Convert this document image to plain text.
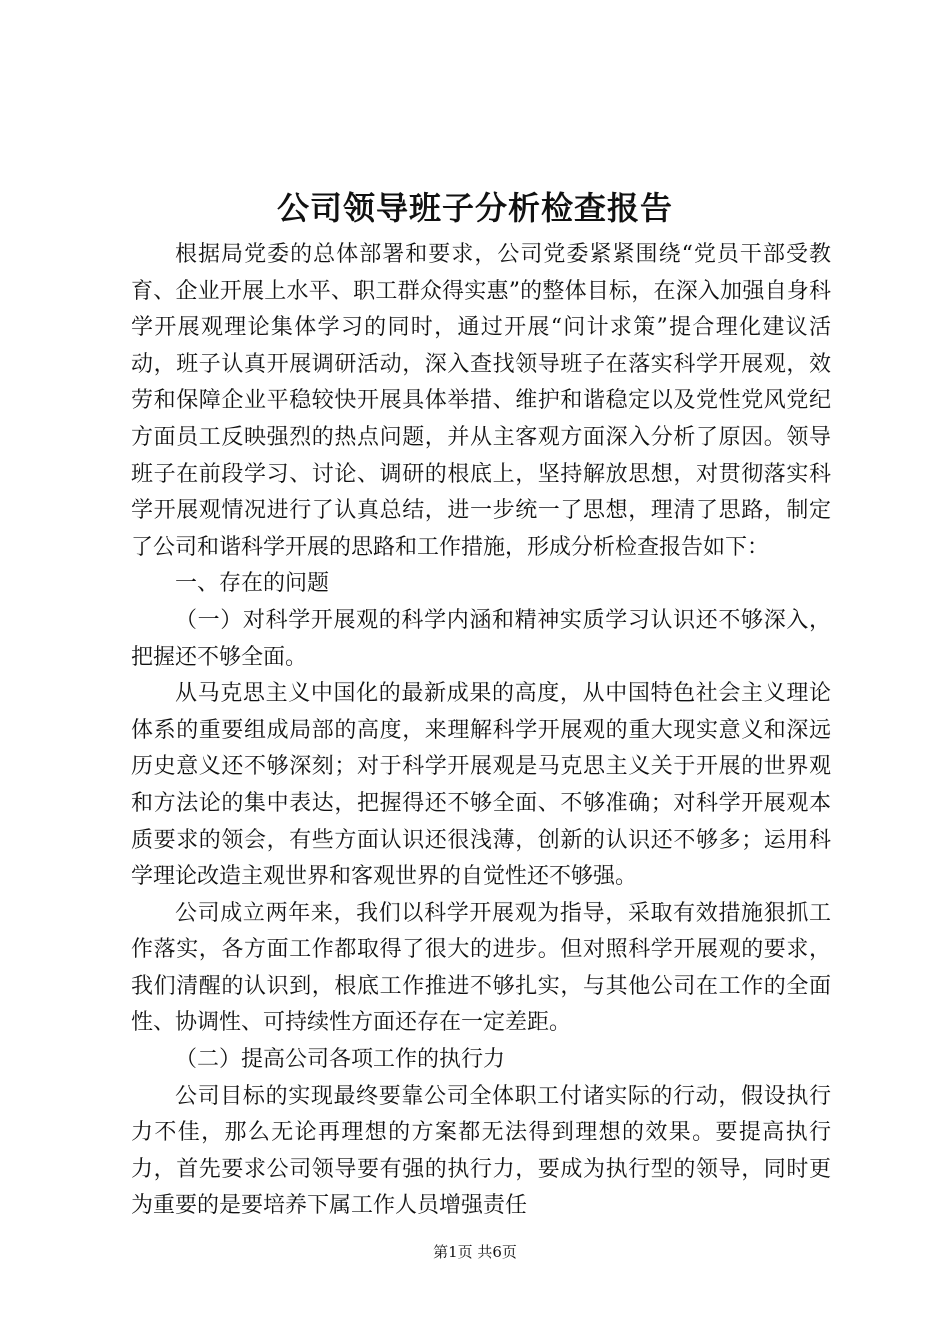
公司领导班子分析检查报告

根据局党委的总体部署和要求，公司党委紧紧围绕“党员干部受教育、企业开展上水平、职工群众得实惠”的整体目标，在深入加强自身科学开展观理论集体学习的同时，通过开展“问计求策”提合理化建议活动，班子认真开展调研活动，深入查找领导班子在落实科学开展观，效劳和保障企业平稳较快开展具体举措、维护和谐稳定以及党性党风党纪方面员工反映强烈的热点问题，并从主客观方面深入分析了原因。领导班子在前段学习、讨论、调研的根底上，坚持解放思想，对贯彻落实科学开展观情况进行了认真总结，进一步统一了思想，理清了思路，制定了公司和谐科学开展的思路和工作措施，形成分析检查报告如下：

一、存在的问题

（一）对科学开展观的科学内涵和精神实质学习认识还不够深入，把握还不够全面。

从马克思主义中国化的最新成果的高度，从中国特色社会主义理论体系的重要组成局部的高度，来理解科学开展观的重大现实意义和深远历史意义还不够深刻；对于科学开展观是马克思主义关于开展的世界观和方法论的集中表达，把握得还不够全面、不够准确；对科学开展观本质要求的领会，有些方面认识还很浅薄，创新的认识还不够多；运用科学理论改造主观世界和客观世界的自觉性还不够强。

公司成立两年来，我们以科学开展观为指导，采取有效措施狠抓工作落实，各方面工作都取得了很大的进步。但对照科学开展观的要求，我们清醒的认识到，根底工作推进不够扎实，与其他公司在工作的全面性、协调性、可持续性方面还存在一定差距。

（二）提高公司各项工作的执行力

公司目标的实现最终要靠公司全体职工付诸实际的行动，假设执行力不佳，那么无论再理想的方案都无法得到理想的效果。要提高执行力，首先要求公司领导要有强的执行力，要成为执行型的领导，同时更为重要的是要培养下属工作人员增强责任

第1页 共6页
